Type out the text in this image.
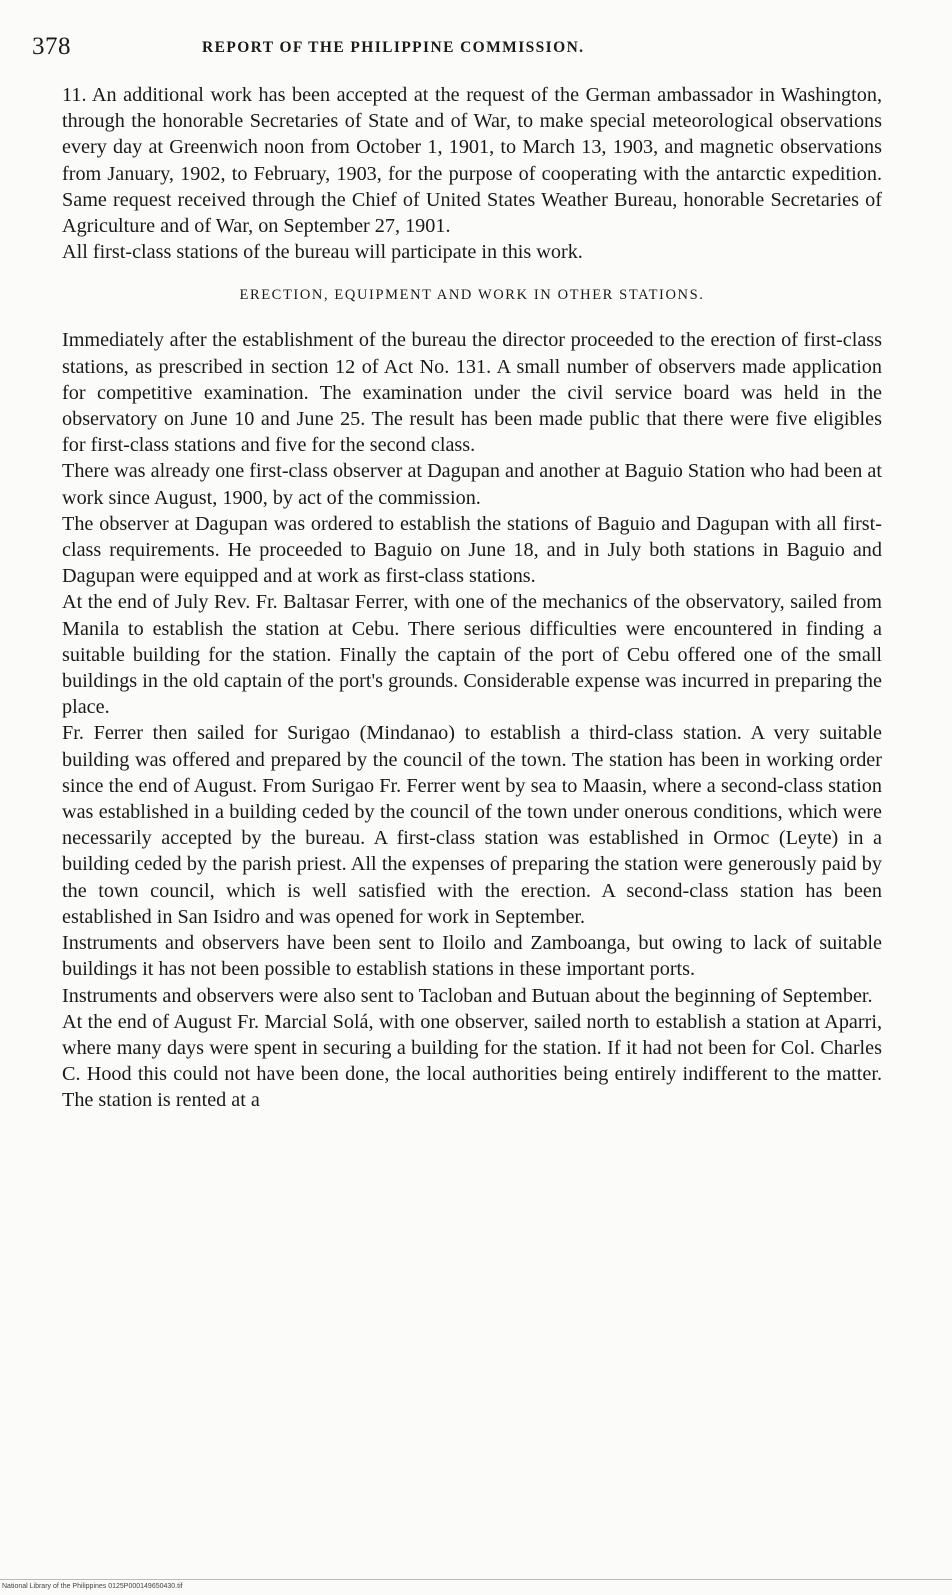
378	REPORT OF THE PHILIPPINE COMMISSION.

11. An additional work has been accepted at the request of the German ambassador in Washington, through the honorable Secretaries of State and of War, to make special meteorological observations every day at Greenwich noon from October 1, 1901, to March 13, 1903, and magnetic observations from January, 1902, to February, 1903, for the purpose of cooperating with the antarctic expedition. Same request received through the Chief of United States Weather Bureau, honorable Secretaries of Agriculture and of War, on September 27, 1901.

All first-class stations of the bureau will participate in this work.

ERECTION, EQUIPMENT AND WORK IN OTHER STATIONS.

Immediately after the establishment of the bureau the director proceeded to the erection of first-class stations, as prescribed in section 12 of Act No. 131. A small number of observers made application for competitive examination. The examination under the civil service board was held in the observatory on June 10 and June 25. The result has been made public that there were five eligibles for first-class stations and five for the second class.

There was already one first-class observer at Dagupan and another at Baguio Station who had been at work since August, 1900, by act of the commission.

The observer at Dagupan was ordered to establish the stations of Baguio and Dagupan with all first-class requirements. He proceeded to Baguio on June 18, and in July both stations in Baguio and Dagupan were equipped and at work as first-class stations.

At the end of July Rev. Fr. Baltasar Ferrer, with one of the mechanics of the observatory, sailed from Manila to establish the station at Cebu. There serious difficulties were encountered in finding a suitable building for the station. Finally the captain of the port of Cebu offered one of the small buildings in the old captain of the port's grounds. Considerable expense was incurred in preparing the place.

Fr. Ferrer then sailed for Surigao (Mindanao) to establish a third-class station. A very suitable building was offered and prepared by the council of the town. The station has been in working order since the end of August. From Surigao Fr. Ferrer went by sea to Maasin, where a second-class station was established in a building ceded by the council of the town under onerous conditions, which were necessarily accepted by the bureau. A first-class station was established in Ormoc (Leyte) in a building ceded by the parish priest. All the expenses of preparing the station were generously paid by the town council, which is well satisfied with the erection. A second-class station has been established in San Isidro and was opened for work in September.

Instruments and observers have been sent to Iloilo and Zamboanga, but owing to lack of suitable buildings it has not been possible to establish stations in these important ports.

Instruments and observers were also sent to Tacloban and Butuan about the beginning of September.

At the end of August Fr. Marcial Solá, with one observer, sailed north to establish a station at Aparri, where many days were spent in securing a building for the station. If it had not been for Col. Charles C. Hood this could not have been done, the local authorities being entirely indifferent to the matter. The station is rented at a

National Library of the Philippines 0125P000149650430.tif
